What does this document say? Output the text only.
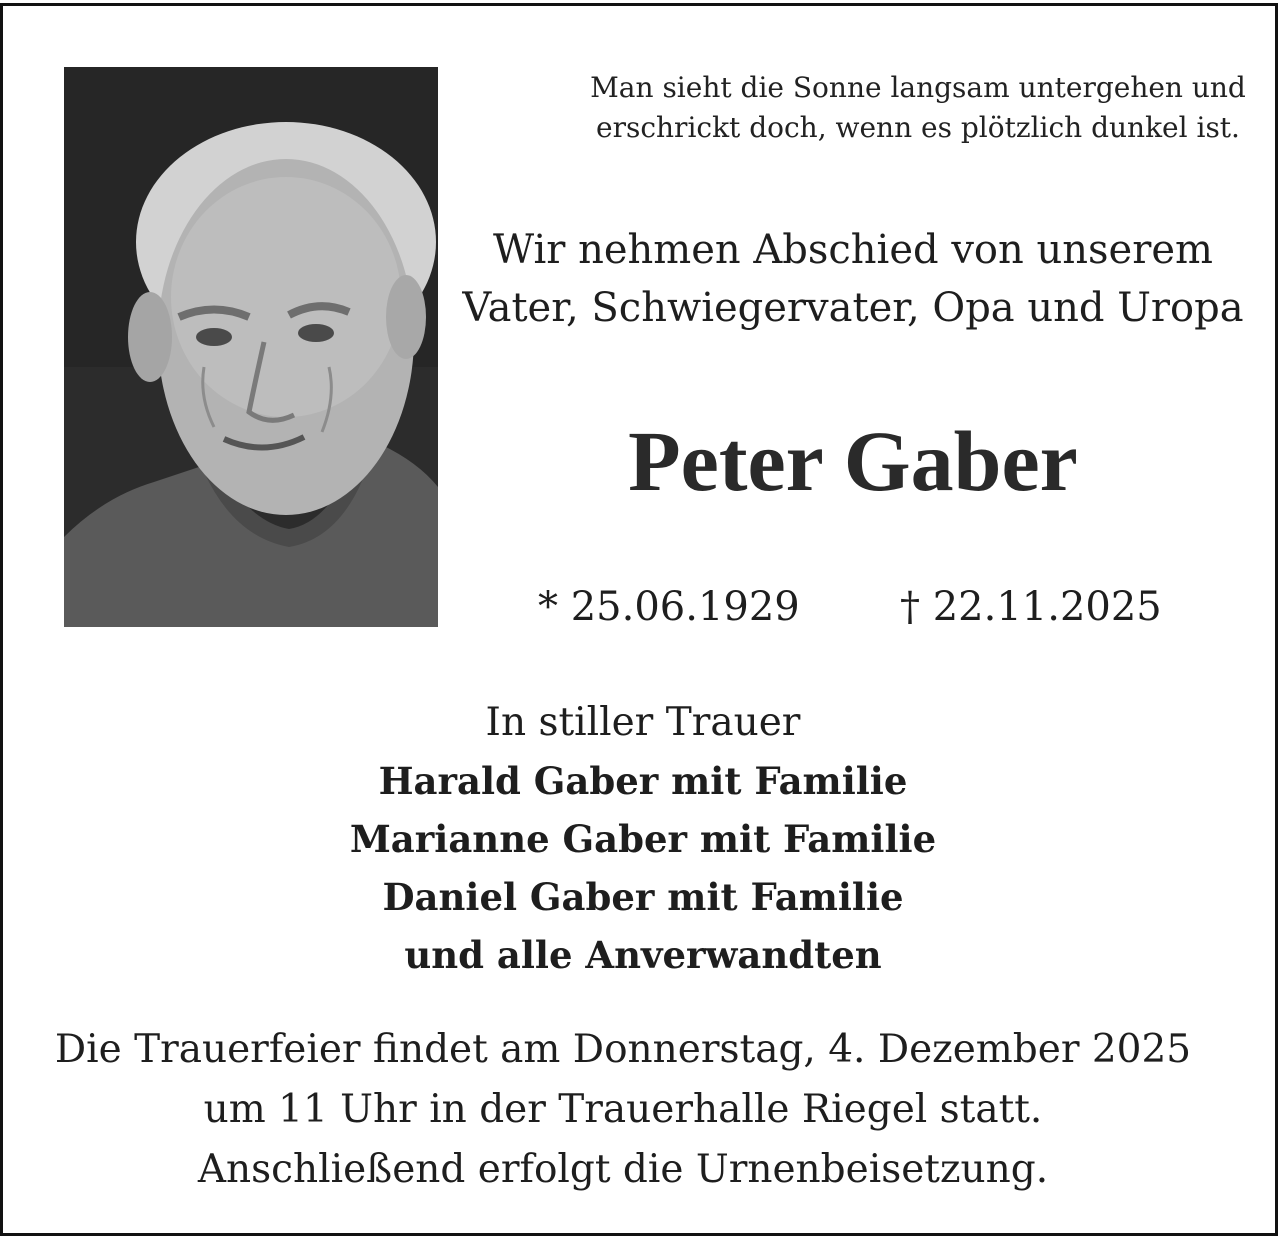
Man sieht die Sonne langsam untergehen und
erschrickt doch, wenn es plötzlich dunkel ist.
Wir nehmen Abschied von unserem
Vater, Schwiegervater, Opa und Uropa
Peter Gaber
* 25.06.1929	† 22.11.2025
In stiller Trauer
Harald Gaber mit Familie
Marianne Gaber mit Familie
Daniel Gaber mit Familie
und alle Anverwandten
Die Trauerfeier findet am Donnerstag, 4. Dezember 2025
um 11 Uhr in der Trauerhalle Riegel statt.
Anschließend erfolgt die Urnenbeisetzung.
